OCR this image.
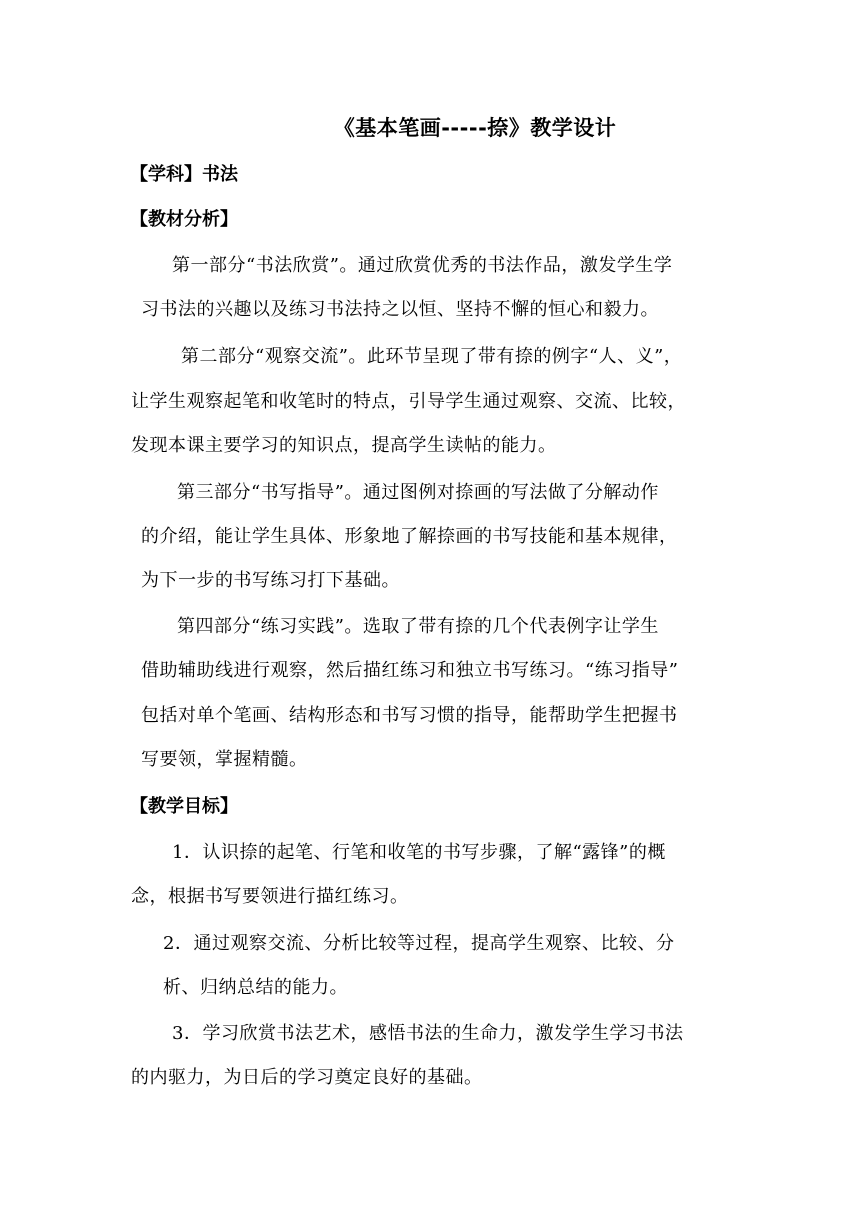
《基本笔画-----捺》教学设计
【学科】书法
【教材分析】
第一部分“书法欣赏”。通过欣赏优秀的书法作品，激发学生学
习书法的兴趣以及练习书法持之以恒、坚持不懈的恒心和毅力。
第二部分“观察交流”。此环节呈现了带有捺的例字“人、义”，
让学生观察起笔和收笔时的特点，引导学生通过观察、交流、比较，
发现本课主要学习的知识点，提高学生读帖的能力。
第三部分“书写指导”。通过图例对捺画的写法做了分解动作
的介绍，能让学生具体、形象地了解捺画的书写技能和基本规律，
为下一步的书写练习打下基础。
第四部分“练习实践”。选取了带有捺的几个代表例字让学生
借助辅助线进行观察，然后描红练习和独立书写练习。“练习指导”
包括对单个笔画、结构形态和书写习惯的指导，能帮助学生把握书
写要领，掌握精髓。
【教学目标】
1．认识捺的起笔、行笔和收笔的书写步骤，了解“露锋”的概
念，根据书写要领进行描红练习。
2．通过观察交流、分析比较等过程，提高学生观察、比较、分
析、归纳总结的能力。
3．学习欣赏书法艺术，感悟书法的生命力，激发学生学习书法
的内驱力，为日后的学习奠定良好的基础。
